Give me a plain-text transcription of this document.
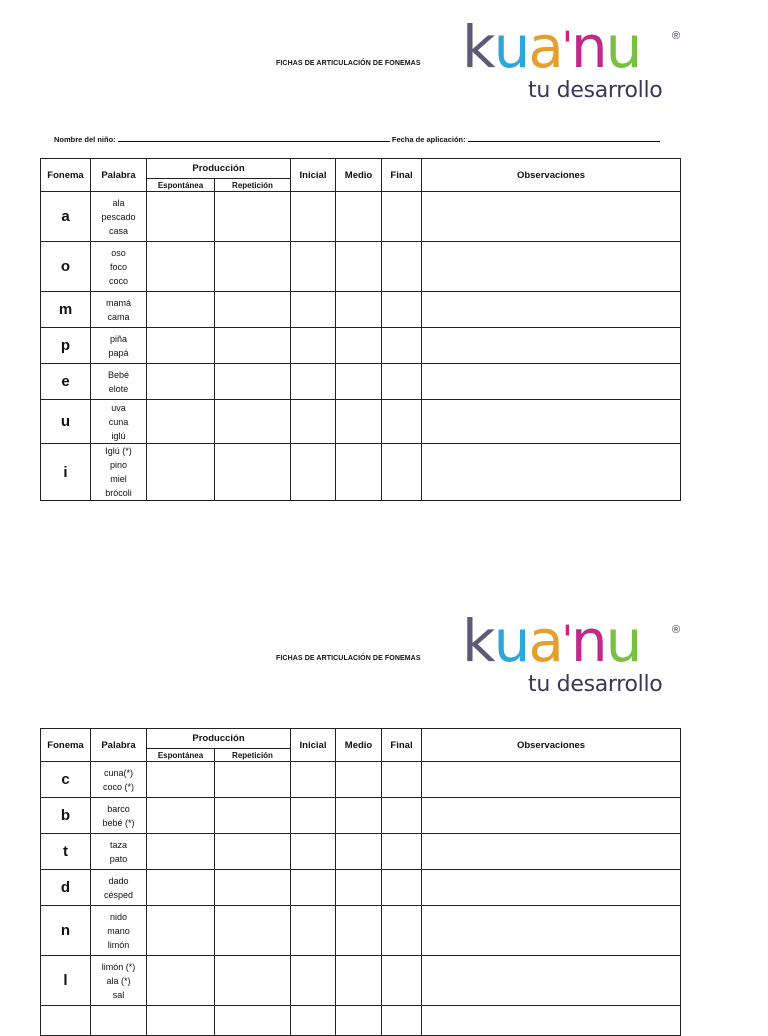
FICHAS DE ARTICULACIÓN DE FONEMAS kua'nu	®
tu desarrollo
Nombre del niño:	Fecha de aplicación:
Fonema	Palabra	Producción		Inicial	Medio	Final	Observaciones
		Espontánea	Repetición				
a	ala
pescado
casa						

o	oso
foco
coco						

m	mamá
cama						

p	piña
papá						

e	Bebé
elote						

u	uva
cuna
iglú						

i	Iglú (*)
pino
miel
brócoli						

FICHAS DE ARTICULACIÓN DE FONEMAS kua'nu	®
tu desarrollo
Fonema	Palabra	Producción		Inicial	Medio	Final	Observaciones
		Espontánea	Repetición				
c	cuna(*)
coco (*)						

b	barco
bebé (*)						

t	taza
pato						

d	dado
césped						

n	nido
mano
limón						

l	limón (*)
ala (*)
sal						
